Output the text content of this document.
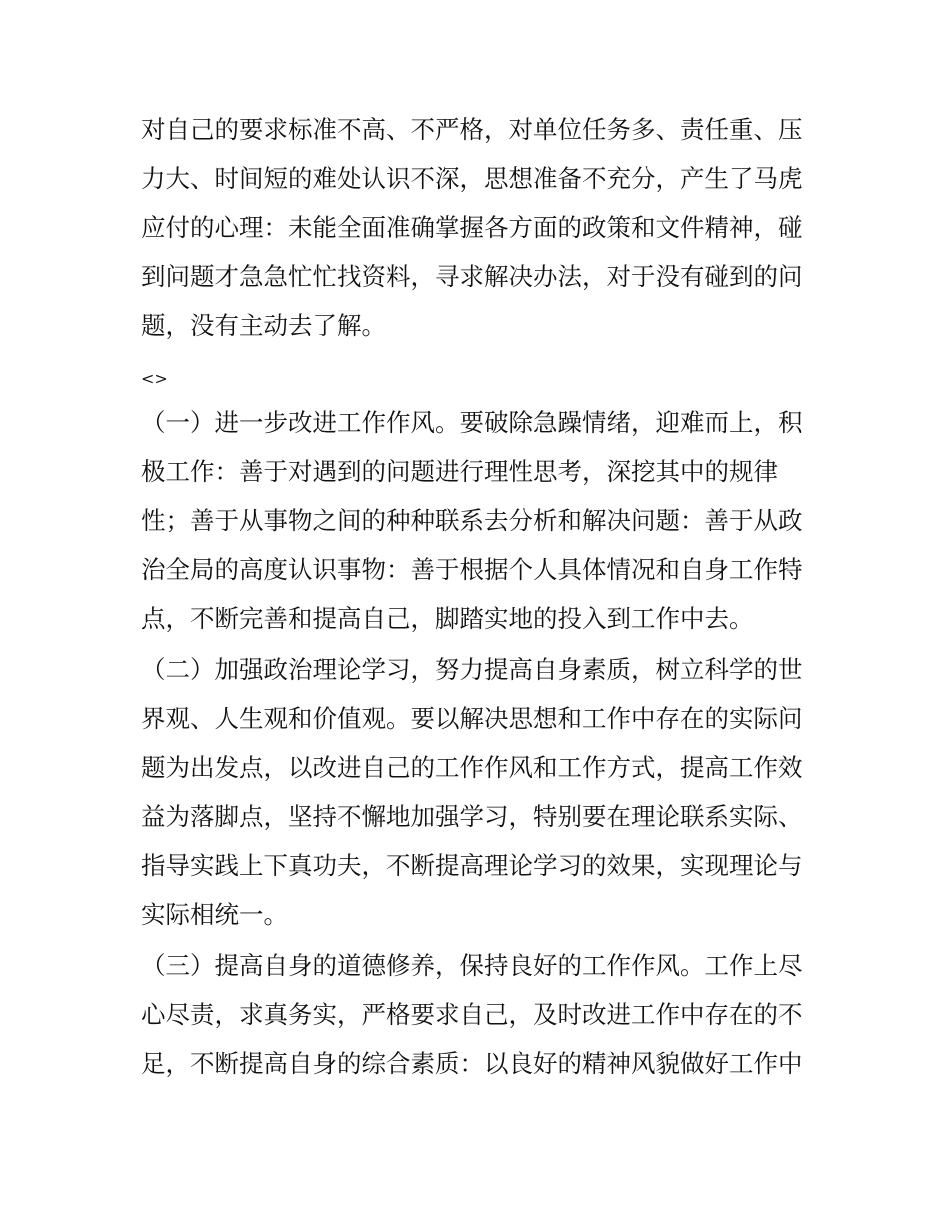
对自己的要求标准不高、不严格，对单位任务多、责任重、压
力大、时间短的难处认识不深，思想准备不充分，产生了马虎
应付的心理：未能全面准确掌握各方面的政策和文件精神，碰
到问题才急急忙忙找资料，寻求解决办法，对于没有碰到的问
题，没有主动去了解。
<>
（一）进一步改进工作作风。要破除急躁情绪，迎难而上，积
极工作：善于对遇到的问题进行理性思考，深挖其中的规律
性；善于从事物之间的种种联系去分析和解决问题：善于从政
治全局的高度认识事物：善于根据个人具体情况和自身工作特
点，不断完善和提高自己，脚踏实地的投入到工作中去。
（二）加强政治理论学习，努力提高自身素质，树立科学的世
界观、人生观和价值观。要以解决思想和工作中存在的实际问
题为出发点，以改进自己的工作作风和工作方式，提高工作效
益为落脚点，坚持不懈地加强学习，特别要在理论联系实际、
指导实践上下真功夫，不断提高理论学习的效果，实现理论与
实际相统一。
（三）提高自身的道德修养，保持良好的工作作风。工作上尽
心尽责，求真务实，严格要求自己，及时改进工作中存在的不
足，不断提高自身的综合素质：以良好的精神风貌做好工作中
